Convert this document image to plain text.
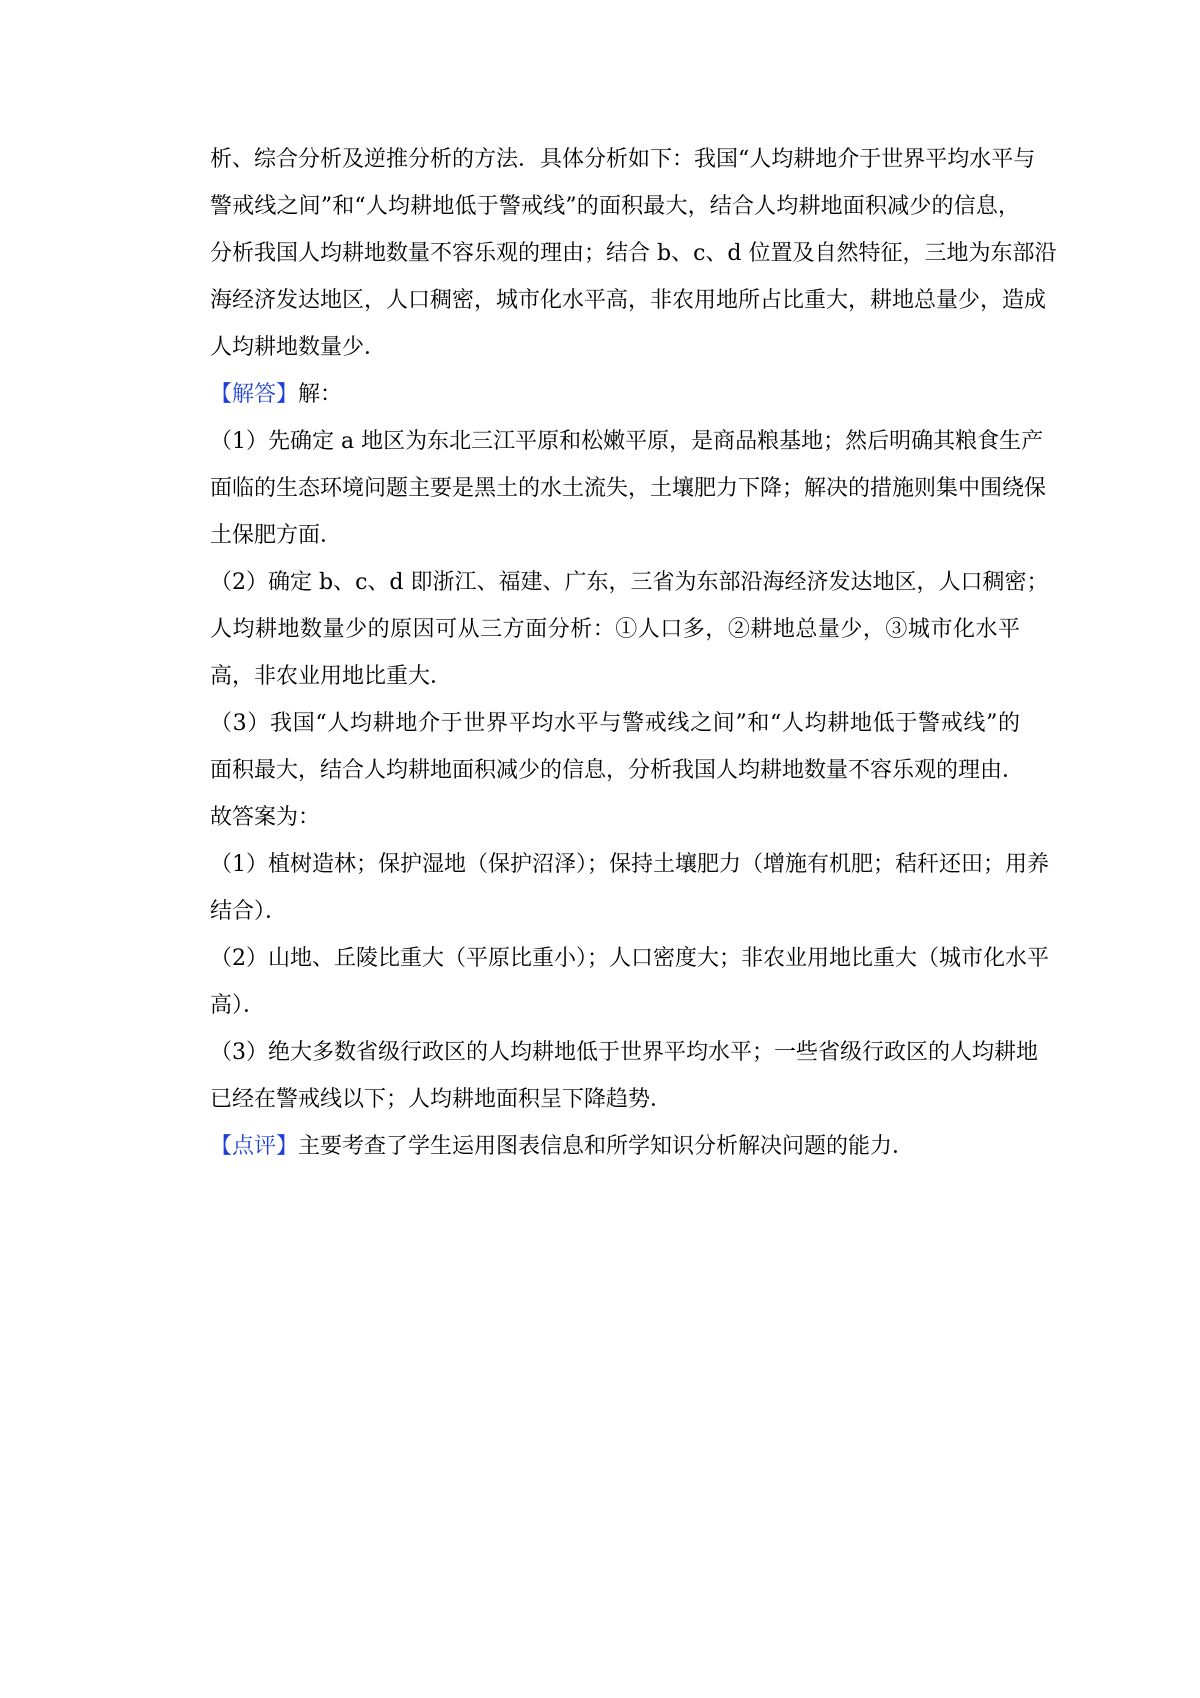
析、综合分析及逆推分析的方法．具体分析如下：我国“人均耕地介于世界平均水平与
警戒线之间”和“人均耕地低于警戒线”的面积最大，结合人均耕地面积减少的信息，
分析我国人均耕地数量不容乐观的理由；结合 b、c、d 位置及自然特征，三地为东部沿
海经济发达地区，人口稠密，城市化水平高，非农用地所占比重大，耕地总量少，造成
人均耕地数量少．
【解答】解：
（1）先确定 a 地区为东北三江平原和松嫩平原，是商品粮基地；然后明确其粮食生产
面临的生态环境问题主要是黑土的水土流失，土壤肥力下降；解决的措施则集中围绕保
土保肥方面．
（2）确定 b、c、d 即浙江、福建、广东，三省为东部沿海经济发达地区，人口稠密；
人均耕地数量少的原因可从三方面分析：①人口多，②耕地总量少，③城市化水平
高，非农业用地比重大．
（3）我国“人均耕地介于世界平均水平与警戒线之间”和“人均耕地低于警戒线”的
面积最大，结合人均耕地面积减少的信息，分析我国人均耕地数量不容乐观的理由．
故答案为：
（1）植树造林；保护湿地（保护沼泽）；保持土壤肥力（增施有机肥；秸秆还田；用养
结合）．
（2）山地、丘陵比重大（平原比重小）；人口密度大；非农业用地比重大（城市化水平
高）．
（3）绝大多数省级行政区的人均耕地低于世界平均水平；一些省级行政区的人均耕地
已经在警戒线以下；人均耕地面积呈下降趋势．
【点评】主要考查了学生运用图表信息和所学知识分析解决问题的能力．
